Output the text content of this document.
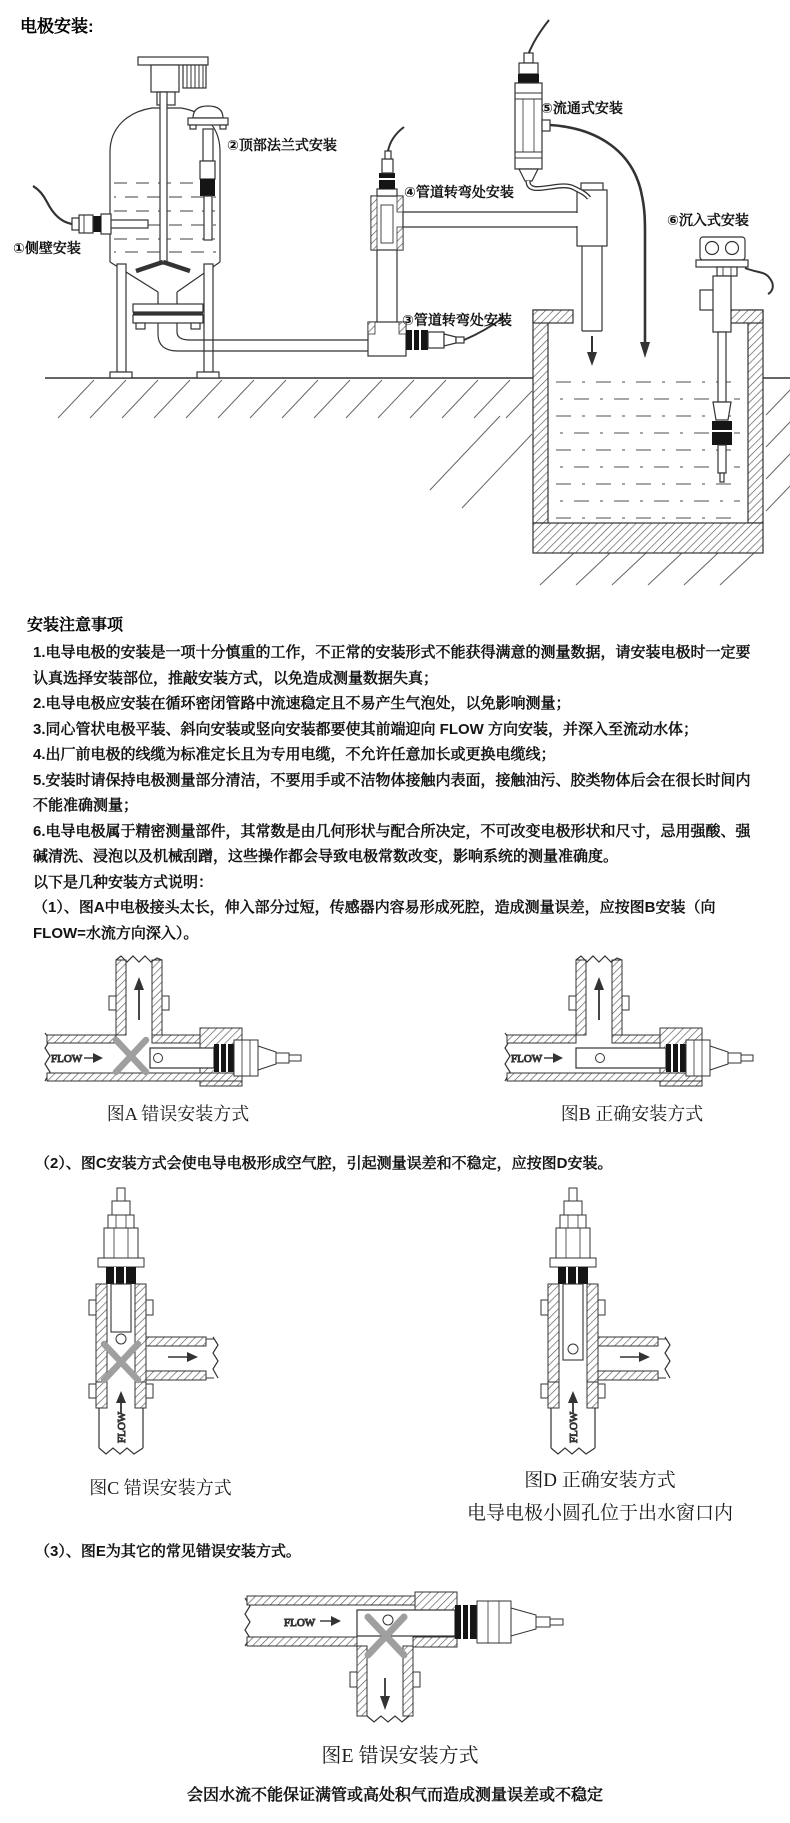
FLOW	FLOW
FLOW	FLOW
FLOW
电极安装:
①侧壁安装
②顶部法兰式安装
③管道转弯处安装
④管道转弯处安装
⑤流通式安装
⑥沉入式安装
安装注意事项

1.电导电极的安装是一项十分慎重的工作，不正常的安装形式不能获得满意的测量数据，请安装电极时一定要认真选择安装部位，推敲安装方式，以免造成测量数据失真；

2.电导电极应安装在循环密闭管路中流速稳定且不易产生气泡处，以免影响测量；

3.同心管状电极平装、斜向安装或竖向安装都要使其前端迎向 FLOW 方向安装，并深入至流动水体；

4.出厂前电极的线缆为标准定长且为专用电缆，不允许任意加长或更换电缆线；

5.安装时请保持电极测量部分清洁，不要用手或不洁物体接触内表面，接触油污、胶类物体后会在很长时间内不能准确测量；

6.电导电极属于精密测量部件，其常数是由几何形状与配合所决定，不可改变电极形状和尺寸，忌用强酸、强碱清洗、浸泡以及机械刮蹭，这些操作都会导致电极常数改变，影响系统的测量准确度。

以下是几种安装方式说明：

（1）、图A中电极接头太长，伸入部分过短，传感器内容易形成死腔，造成测量误差，应按图B安装（向FLOW=水流方向深入）。

（2）、图C安装方式会使电导电极形成空气腔，引起测量误差和不稳定，应按图D安装。
（3）、图E为其它的常见错误安装方式。
图A 错误安装方式	图B 正确安装方式
图C 错误安装方式	图D 正确安装方式
电导电极小圆孔位于出水窗口内
图E 错误安装方式
会因水流不能保证满管或高处积气而造成测量误差或不稳定
